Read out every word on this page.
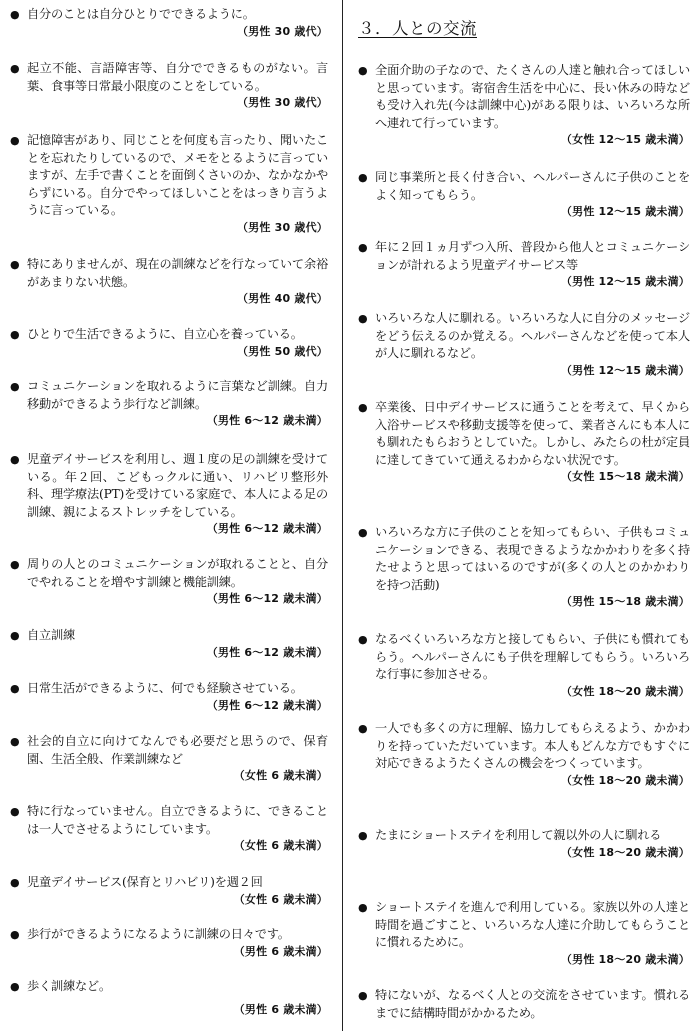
● 自分のことは自分ひとりでできるように。
（男性 30 歳代）
● 起立不能、言語障害等、自分でできるものがない。言葉、食事等日常最小限度のことをしている。
（男性 30 歳代）
● 記憶障害があり、同じことを何度も言ったり、聞いたことを忘れたりしているので、メモをとるように言っていますが、左手で書くことを面倒くさいのか、なかなかやらずにいる。自分でやってほしいことをはっきり言うように言っている。
（男性 30 歳代）
● 特にありませんが、現在の訓練などを行なっていて余裕があまりない状態。
（男性 40 歳代）
● ひとりで生活できるように、自立心を養っている。
（男性 50 歳代）
● コミュニケーションを取れるように言葉など訓練。自力移動ができるよう歩行など訓練。
（男性 6〜12 歳未満）
● 児童デイサービスを利用し、週１度の足の訓練を受けている。年２回、こどもっクルに通い、リハビリ整形外科、理学療法(PT)を受けている家庭で、本人による足の訓練、親によるストレッチをしている。
（男性 6〜12 歳未満）
● 周りの人とのコミュニケーションが取れることと、自分でやれることを増やす訓練と機能訓練。
（男性 6〜12 歳未満）
● 自立訓練
（男性 6〜12 歳未満）
● 日常生活ができるように、何でも経験させている。
（男性 6〜12 歳未満）
● 社会的自立に向けてなんでも必要だと思うので、保育園、生活全般、作業訓練など
（女性 6 歳未満）
● 特に行なっていません。自立できるように、できることは一人でさせるようにしています。
（女性 6 歳未満）
● 児童デイサービス(保育とリハビリ)を週２回
（女性 6 歳未満）
● 歩行ができるようになるように訓練の日々です。
（男性 6 歳未満）
● 歩く訓練など。
（男性 6 歳未満）
３．人との交流
● 全面介助の子なので、たくさんの人達と触れ合ってほしいと思っています。寄宿舎生活を中心に、長い休みの時なども受け入れ先(今は訓練中心)がある限りは、いろいろな所へ連れて行っています。
（女性 12〜15 歳未満）
● 同じ事業所と長く付き合い、ヘルパーさんに子供のことをよく知ってもらう。
（男性 12〜15 歳未満）
● 年に２回１ヵ月ずつ入所、普段から他人とコミュニケーションが計れるよう児童デイサービス等
（男性 12〜15 歳未満）
● いろいろな人に馴れる。いろいろな人に自分のメッセージをどう伝えるのか覚える。ヘルパーさんなどを使って本人が人に馴れるなど。
（男性 12〜15 歳未満）
● 卒業後、日中デイサービスに通うことを考えて、早くから入浴サービスや移動支援等を使って、業者さんにも本人にも馴れたもらおうとしていた。しかし、みたらの杜が定員に達してきていて通えるわからない状況です。
（女性 15〜18 歳未満）
● いろいろな方に子供のことを知ってもらい、子供もコミュニケーションできる、表現できるようなかかわりを多く持たせようと思ってはいるのですが(多くの人とのかかわりを持つ活動)
（男性 15〜18 歳未満）
● なるべくいろいろな方と接してもらい、子供にも慣れてもらう。ヘルパーさんにも子供を理解してもらう。いろいろな行事に参加させる。
（女性 18〜20 歳未満）
● 一人でも多くの方に理解、協力してもらえるよう、かかわりを持っていただいています。本人もどんな方でもすぐに対応できるようたくさんの機会をつくっています。
（女性 18〜20 歳未満）
● たまにショートステイを利用して親以外の人に馴れる
（女性 18〜20 歳未満）
● ショートステイを進んで利用している。家族以外の人達と時間を過ごすこと、いろいろな人達に介助してもらうことに慣れるために。
（男性 18〜20 歳未満）
● 特にないが、なるべく人との交流をさせています。慣れるまでに結構時間がかかるため。
